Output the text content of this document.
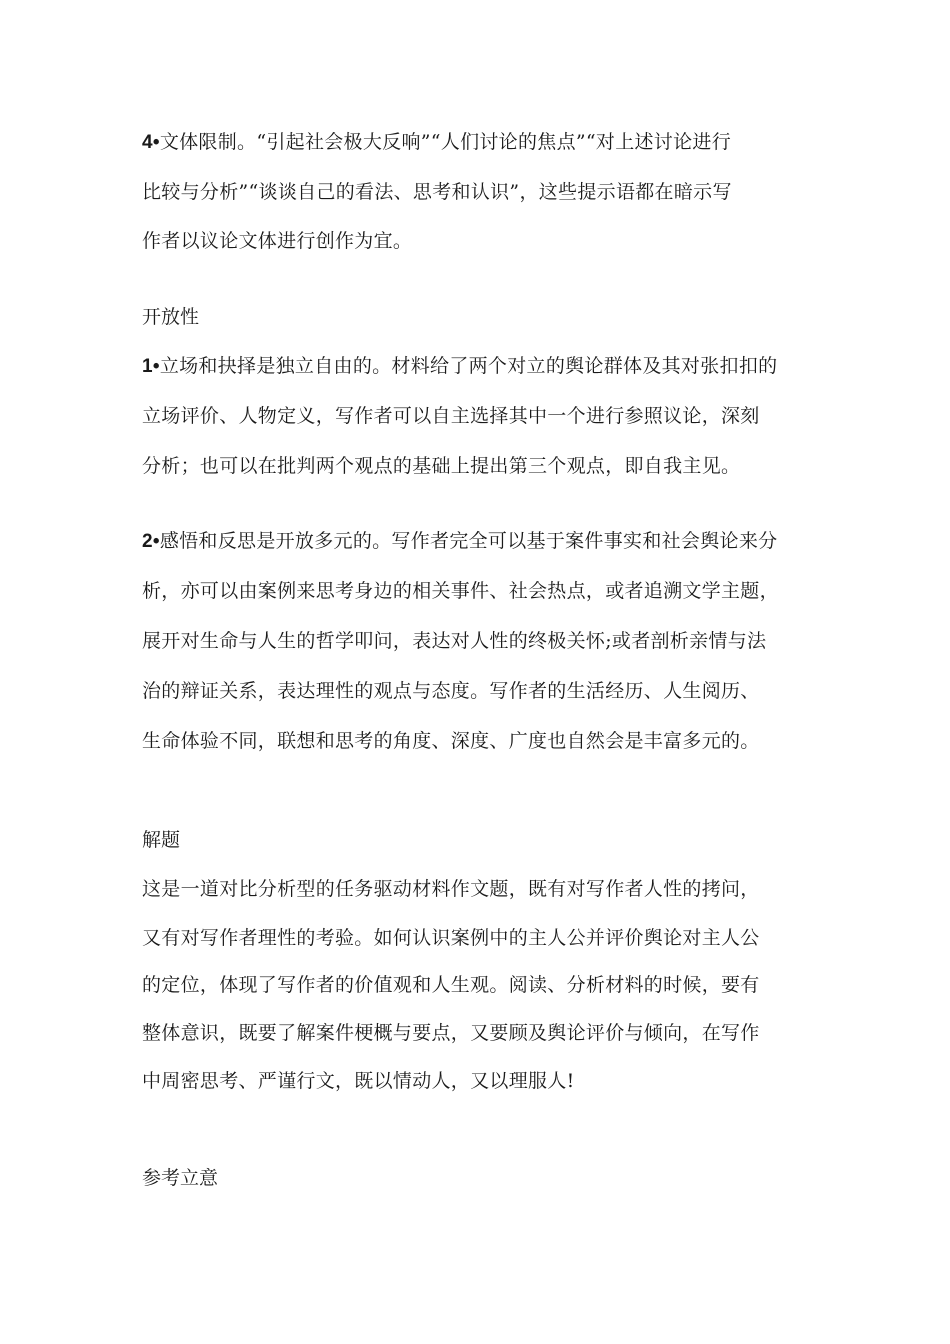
4•文体限制。“引起社会极大反响”“人们讨论的焦点”“对上述讨论进行
比较与分析”“谈谈自己的看法、思考和认识”，这些提示语都在暗示写
作者以议论文体进行创作为宜。
开放性
1•立场和抉择是独立自由的。材料给了两个对立的舆论群体及其对张扣扣的
立场评价、人物定义，写作者可以自主选择其中一个进行参照议论，深刻
分析；也可以在批判两个观点的基础上提出第三个观点，即自我主见。
2•感悟和反思是开放多元的。写作者完全可以基于案件事实和社会舆论来分
析，亦可以由案例来思考身边的相关事件、社会热点，或者追溯文学主题，
展开对生命与人生的哲学叩问，表达对人性的终极关怀;或者剖析亲情与法
治的辩证关系，表达理性的观点与态度。写作者的生活经历、人生阅历、
生命体验不同，联想和思考的角度、深度、广度也自然会是丰富多元的。
解题
这是一道对比分析型的任务驱动材料作文题，既有对写作者人性的拷问，
又有对写作者理性的考验。如何认识案例中的主人公并评价舆论对主人公
的定位，体现了写作者的价值观和人生观。阅读、分析材料的时候，要有
整体意识，既要了解案件梗概与要点，又要顾及舆论评价与倾向，在写作
中周密思考、严谨行文，既以情动人，又以理服人!
参考立意
